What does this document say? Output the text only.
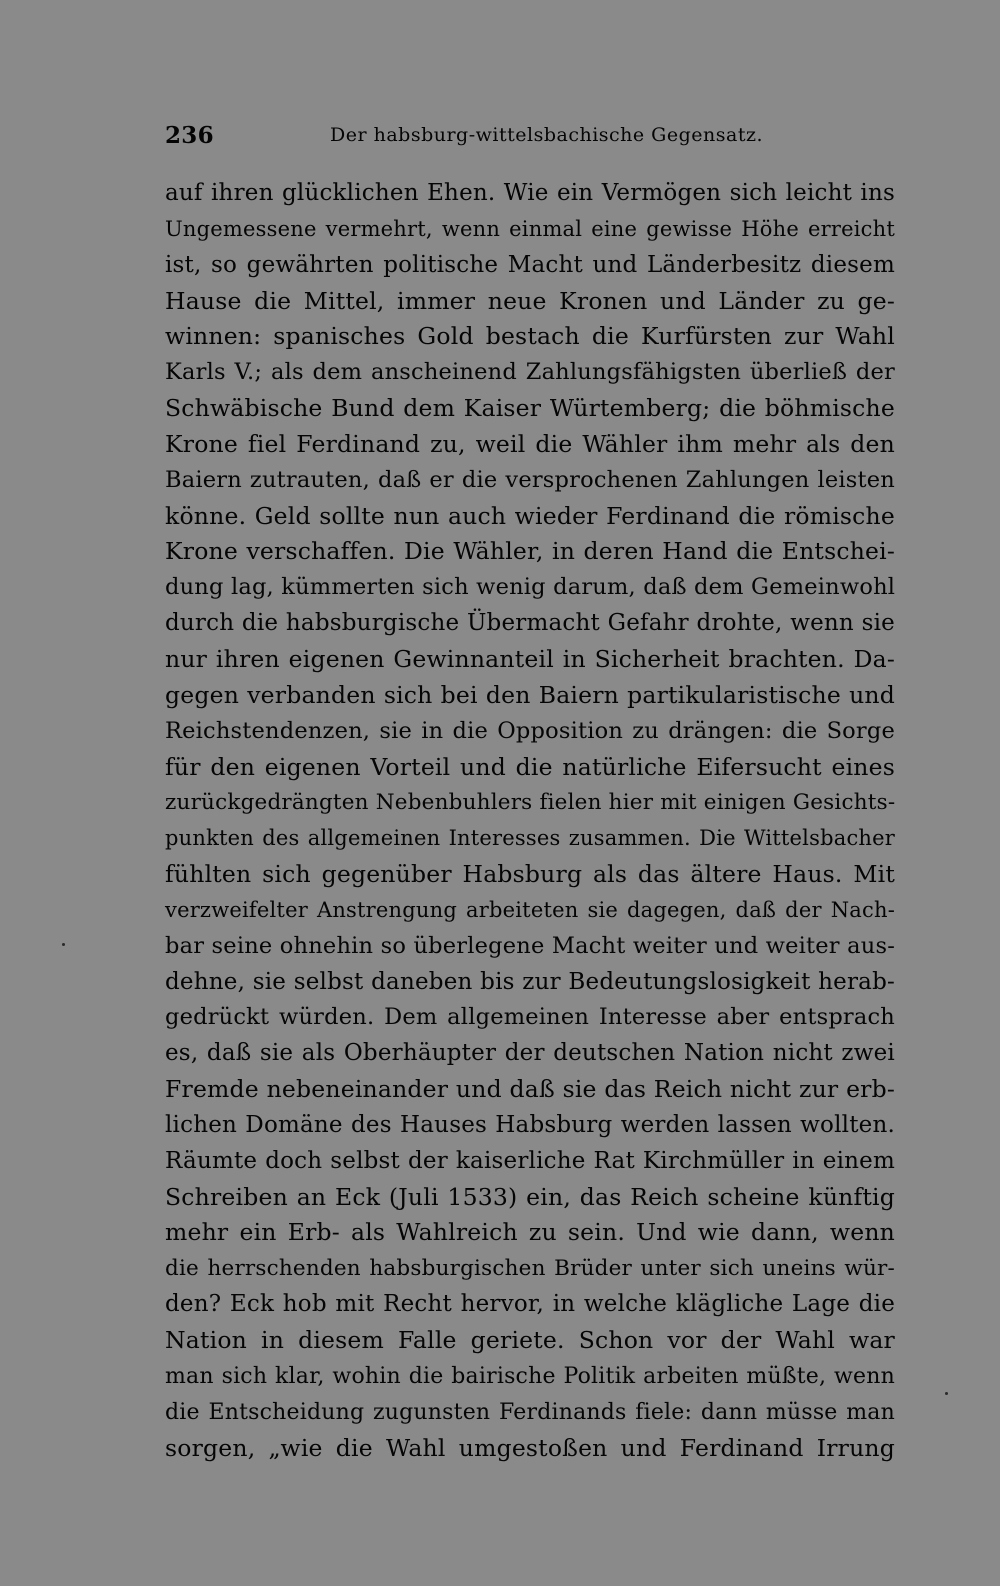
236	Der habsburg-wittelsbachische Gegensatz.
auf ihren glücklichen Ehen. Wie ein Vermögen sich leicht ins
Ungemessene vermehrt, wenn einmal eine gewisse Höhe erreicht
ist, so gewährten politische Macht und Länderbesitz diesem
Hause die Mittel, immer neue Kronen und Länder zu ge-
winnen: spanisches Gold bestach die Kurfürsten zur Wahl
Karls V.; als dem anscheinend Zahlungsfähigsten überließ der
Schwäbische Bund dem Kaiser Würtemberg; die böhmische
Krone fiel Ferdinand zu, weil die Wähler ihm mehr als den
Baiern zutrauten, daß er die versprochenen Zahlungen leisten
könne. Geld sollte nun auch wieder Ferdinand die römische
Krone verschaffen. Die Wähler, in deren Hand die Entschei-
dung lag, kümmerten sich wenig darum, daß dem Gemeinwohl
durch die habsburgische Übermacht Gefahr drohte, wenn sie
nur ihren eigenen Gewinnanteil in Sicherheit brachten. Da-
gegen verbanden sich bei den Baiern partikularistische und
Reichstendenzen, sie in die Opposition zu drängen: die Sorge
für den eigenen Vorteil und die natürliche Eifersucht eines
zurückgedrängten Nebenbuhlers fielen hier mit einigen Gesichts-
punkten des allgemeinen Interesses zusammen. Die Wittelsbacher
fühlten sich gegenüber Habsburg als das ältere Haus. Mit
verzweifelter Anstrengung arbeiteten sie dagegen, daß der Nach-
bar seine ohnehin so überlegene Macht weiter und weiter aus-
dehne, sie selbst daneben bis zur Bedeutungslosigkeit herab-
gedrückt würden. Dem allgemeinen Interesse aber entsprach
es, daß sie als Oberhäupter der deutschen Nation nicht zwei
Fremde nebeneinander und daß sie das Reich nicht zur erb-
lichen Domäne des Hauses Habsburg werden lassen wollten.
Räumte doch selbst der kaiserliche Rat Kirchmüller in einem
Schreiben an Eck (Juli 1533) ein, das Reich scheine künftig
mehr ein Erb- als Wahlreich zu sein. Und wie dann, wenn
die herrschenden habsburgischen Brüder unter sich uneins wür-
den? Eck hob mit Recht hervor, in welche klägliche Lage die
Nation in diesem Falle geriete. Schon vor der Wahl war
man sich klar, wohin die bairische Politik arbeiten müßte, wenn
die Entscheidung zugunsten Ferdinands fiele: dann müsse man
sorgen, „wie die Wahl umgestoßen und Ferdinand Irrung
